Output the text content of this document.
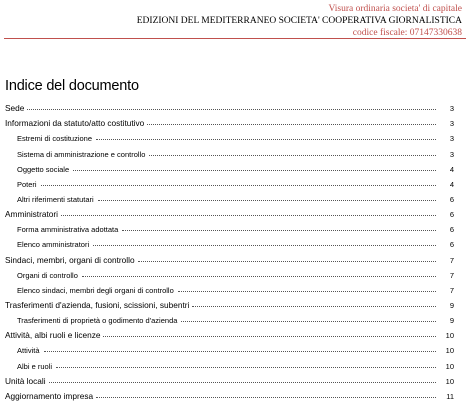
Visura ordinaria societa' di capitale
EDIZIONI DEL MEDITERRANEO SOCIETA' COOPERATIVA GIORNALISTICA
codice fiscale: 07147330638
Indice del documento
Sede	3
Informazioni da statuto/atto costitutivo	3
Estremi di costituzione	3
Sistema di amministrazione e controllo	3
Oggetto sociale	4
Poteri	4
Altri riferimenti statutari	6
Amministratori	6
Forma amministrativa adottata	6
Elenco amministratori	6
Sindaci, membri, organi di controllo	7
Organi di controllo	7
Elenco sindaci, membri degli organi di controllo	7
Trasferimenti d'azienda, fusioni, scissioni, subentri	9
Trasferimenti di proprietà o godimento d'azienda	9
Attività, albi ruoli e licenze	10
Attività	10
Albi e ruoli	10
Unità locali	10
Aggiornamento impresa	11
